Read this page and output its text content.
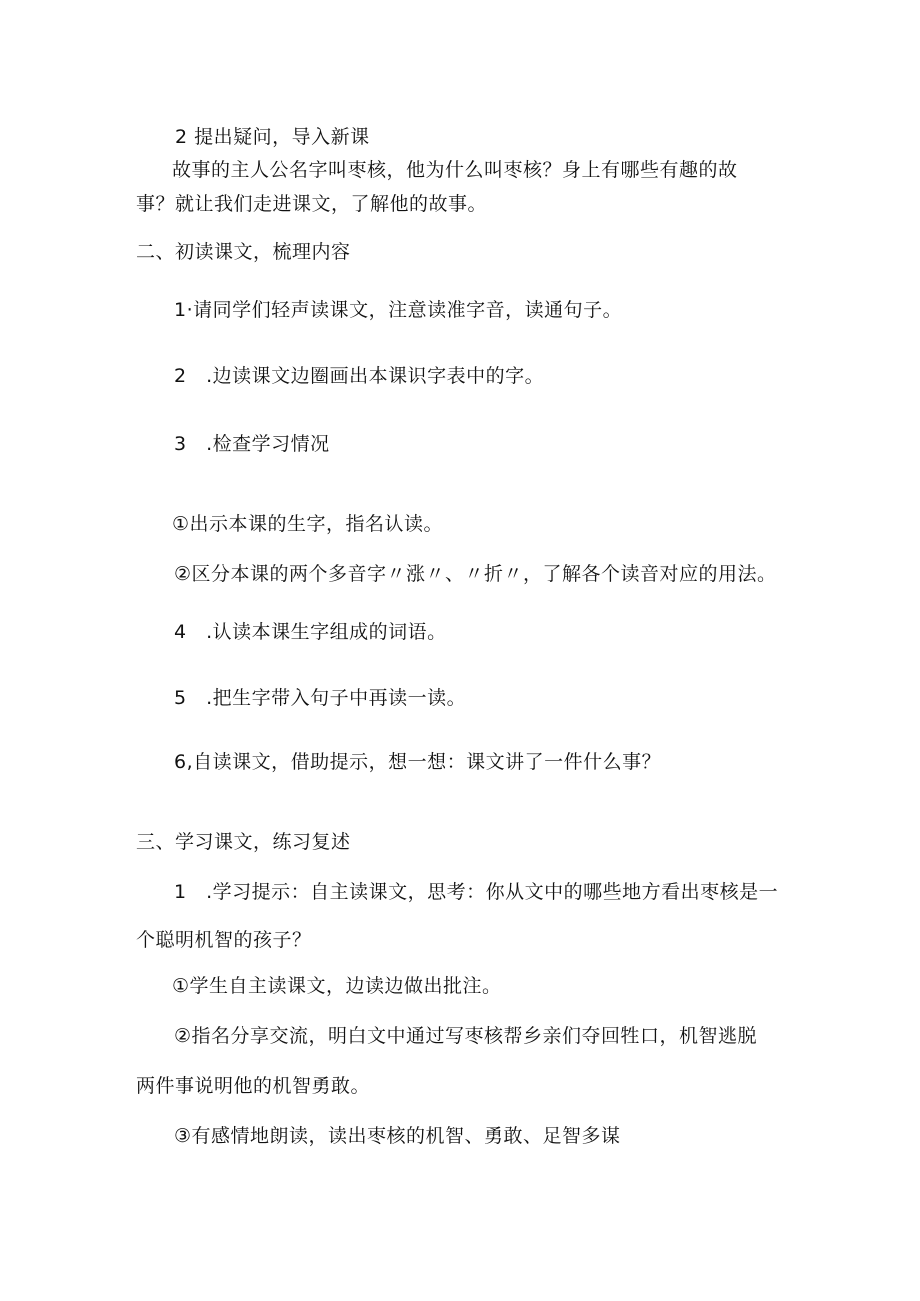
2 提出疑问，导入新课
故事的主人公名字叫枣核，他为什么叫枣核？身上有哪些有趣的故
事？就让我们走进课文，了解他的故事。
二、初读课文，梳理内容
1·请同学们轻声读课文，注意读准字音，读通句子。
2　.边读课文边圈画出本课识字表中的字。
3　.检查学习情况
①出示本课的生字，指名认读。
②区分本课的两个多音字〃涨〃、〃折〃，了解各个读音对应的用法。
4　.认读本课生字组成的词语。
5　.把生字带入句子中再读一读。
6,自读课文，借助提示，想一想：课文讲了一件什么事？
三、学习课文，练习复述
1　.学习提示：自主读课文，思考：你从文中的哪些地方看出枣核是一
个聪明机智的孩子？
①学生自主读课文，边读边做出批注。
②指名分享交流，明白文中通过写枣核帮乡亲们夺回牲口，机智逃脱
两件事说明他的机智勇敢。
③有感情地朗读，读出枣核的机智、勇敢、足智多谋
